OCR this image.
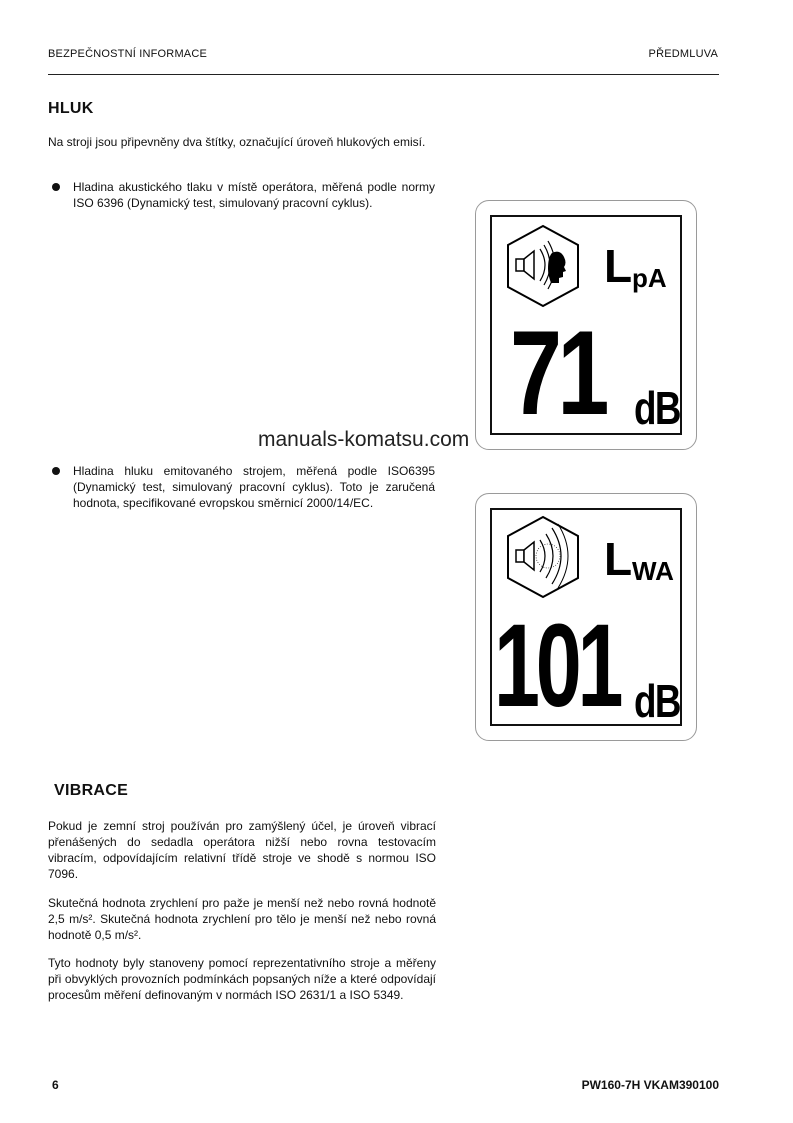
BEZPEČNOSTNÍ INFORMACE	PŘEDMLUVA
HLUK
Na stroji jsou připevněny dva štítky, označující úroveň hlukových emisí.
Hladina akustického tlaku v místě operátora, měřená podle normy ISO 6396 (Dynamický test, simulovaný pracovní cyklus).
Hladina hluku emitovaného strojem, měřená podle ISO6395 (Dynamický test, simulovaný pracovní cyklus). Toto je zaručená hodnota, specifikované evropskou směrnicí 2000/14/EC.
L pA
71 dB
manuals-komatsu.com
L WA
101 dB
VIBRACE
Pokud je zemní stroj používán pro zamýšlený účel, je úroveň vibrací přenášených do sedadla operátora nižší nebo rovna testovacím vibracím, odpovídajícím relativní třídě stroje ve shodě s normou ISO 7096.
Skutečná hodnota zrychlení pro paže je menší než nebo rovná hodnotě 2,5 m/s². Skutečná hodnota zrychlení pro tělo je menší než nebo rovná hodnotě 0,5 m/s².
Tyto hodnoty byly stanoveny pomocí reprezentativního stroje a měřeny při obvyklých provozních podmínkách popsaných níže a které odpovídají procesům měření definovaným v normách ISO 2631/1 a ISO 5349.
6	PW160-7H VKAM390100
